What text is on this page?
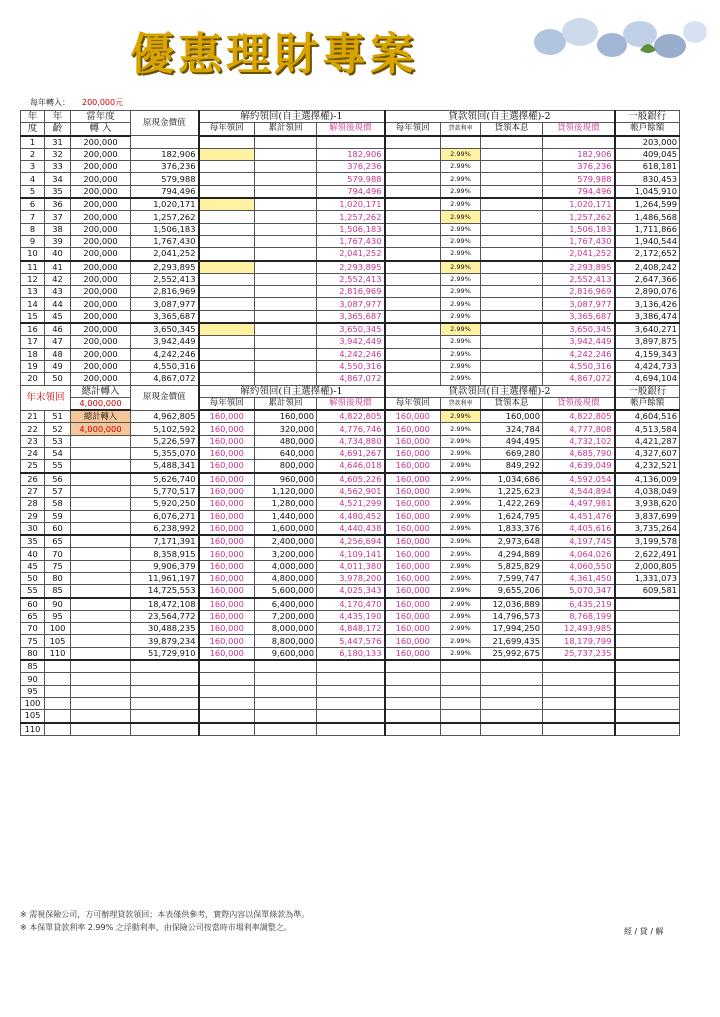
優惠理財專案
每年轉入： 200,000元
年	年	當年度	原現金價值	解約領回(自主選擇權)-1			貸款領回(自主選擇權)-2				一般銀行
度	齡	轉 入		每年領回	累計領回	解領後現價	每年領回	貸款利率	貸領本息	貸領後現價	帳戶餘額
1	31	200,000									203,000
2	32	200,000	182,906			182,906		2.99%		182,906	409,045
3	33	200,000	376,236			376,236		2.99%		376,236	618,181
4	34	200,000	579,988			579,988		2.99%		579,988	830,453
5	35	200,000	794,496			794,496		2.99%		794,496	1,045,910
6	36	200,000	1,020,171			1,020,171		2.99%		1,020,171	1,264,599
7	37	200,000	1,257,262			1,257,262		2.99%		1,257,262	1,486,568
8	38	200,000	1,506,183			1,506,183		2.99%		1,506,183	1,711,866
9	39	200,000	1,767,430			1,767,430		2.99%		1,767,430	1,940,544
10	40	200,000	2,041,252			2,041,252		2.99%		2,041,252	2,172,652
11	41	200,000	2,293,895			2,293,895		2.99%		2,293,895	2,408,242
12	42	200,000	2,552,413			2,552,413		2.99%		2,552,413	2,647,366
13	43	200,000	2,816,969			2,816,969		2.99%		2,816,969	2,890,076
14	44	200,000	3,087,977			3,087,977		2.99%		3,087,977	3,136,426
15	45	200,000	3,365,687			3,365,687		2.99%		3,365,687	3,386,474
16	46	200,000	3,650,345			3,650,345		2.99%		3,650,345	3,640,271
17	47	200,000	3,942,449			3,942,449		2.99%		3,942,449	3,897,875
18	48	200,000	4,242,246			4,242,246		2.99%		4,242,246	4,159,343
19	49	200,000	4,550,316			4,550,316		2.99%		4,550,316	4,424,733
20	50	200,000	4,867,072			4,867,072		2.99%		4,867,072	4,694,104
年末領回		總計轉入	原現金價值	解約領回(自主選擇權)-1			貸款領回(自主選擇權)-2				一般銀行
		4,000,000		每年領回	累計領回	解領後現價	每年領回	貸款利率	貸領本息	貸領後現價	帳戶餘額
21	51	總計轉入	4,962,805	160,000	160,000	4,822,805	160,000	2.99%	160,000	4,822,805	4,604,516
22	52	4,000,000	5,102,592	160,000	320,000	4,776,746	160,000	2.99%	324,784	4,777,808	4,513,584
23	53		5,226,597	160,000	480,000	4,734,880	160,000	2.99%	494,495	4,732,102	4,421,287
24	54		5,355,070	160,000	640,000	4,691,267	160,000	2.99%	669,280	4,685,790	4,327,607
25	55		5,488,341	160,000	800,000	4,646,018	160,000	2.99%	849,292	4,639,049	4,232,521
26	56		5,626,740	160,000	960,000	4,605,226	160,000	2.99%	1,034,686	4,592,054	4,136,009
27	57		5,770,517	160,000	1,120,000	4,562,901	160,000	2.99%	1,225,623	4,544,894	4,038,049
28	58		5,920,250	160,000	1,280,000	4,521,299	160,000	2.99%	1,422,269	4,497,981	3,938,620
29	59		6,076,271	160,000	1,440,000	4,480,452	160,000	2.99%	1,624,795	4,451,476	3,837,699
30	60		6,238,992	160,000	1,600,000	4,440,438	160,000	2.99%	1,833,376	4,405,616	3,735,264
35	65		7,171,391	160,000	2,400,000	4,256,694	160,000	2.99%	2,973,648	4,197,745	3,199,578
40	70		8,358,915	160,000	3,200,000	4,109,141	160,000	2.99%	4,294,889	4,064,026	2,622,491
45	75		9,906,379	160,000	4,000,000	4,011,380	160,000	2.99%	5,825,829	4,060,550	2,000,805
50	80		11,961,197	160,000	4,800,000	3,978,200	160,000	2.99%	7,599,747	4,361,450	1,331,073
55	85		14,725,553	160,000	5,600,000	4,025,343	160,000	2.99%	9,655,206	5,070,347	609,581
60	90		18,472,108	160,000	6,400,000	4,170,470	160,000	2.99%	12,036,889	6,435,219	
65	95		23,564,772	160,000	7,200,000	4,435,190	160,000	2.99%	14,796,573	8,768,199	
70	100		30,488,235	160,000	8,000,000	4,848,172	160,000	2.99%	17,994,250	12,493,985	
75	105		39,879,234	160,000	8,800,000	5,447,576	160,000	2.99%	21,699,435	18,179,799	
80	110		51,729,910	160,000	9,600,000	6,180,133	160,000	2.99%	25,992,675	25,737,235	
85											
90											
95											
100											
105											
110											
※ 需視保險公司，方可辦理貸款領回；本表僅供參考，實際內容以保單條款為準。
※ 本保單貸款利率 2.99% 之浮動利率，由保險公司按當時市場利率調整之。	經 / 貸 / 解
